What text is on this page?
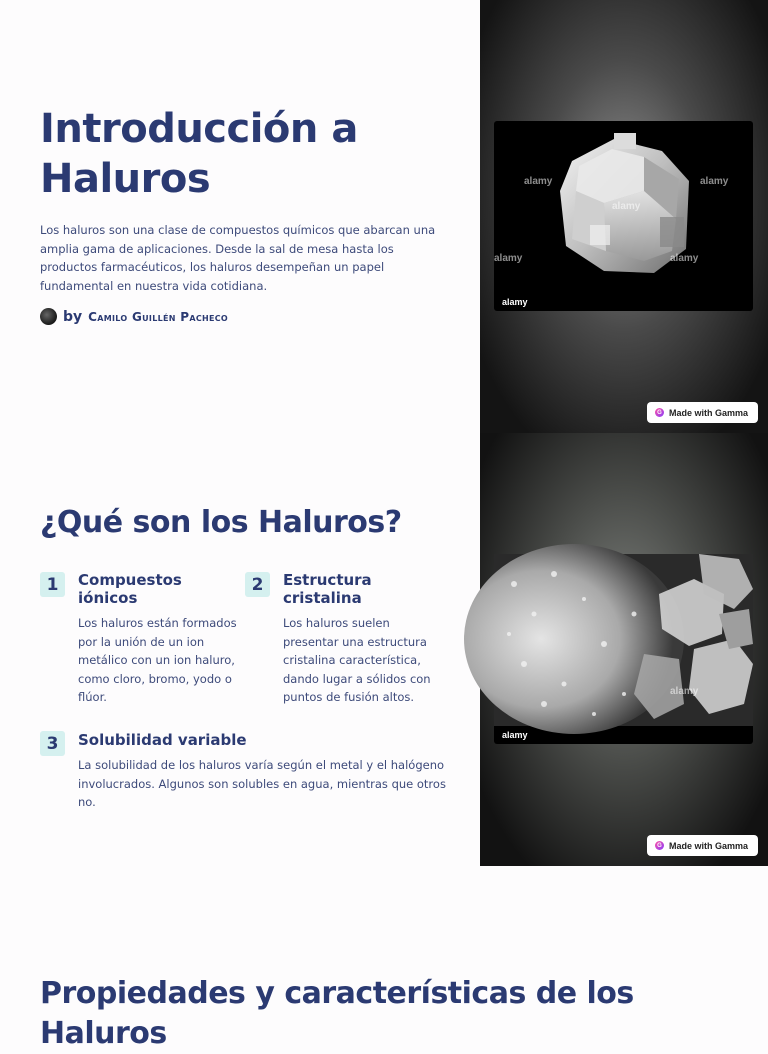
Introducción a Haluros

Los haluros son una clase de compuestos químicos que abarcan una amplia gama de aplicaciones. Desde la sal de mesa hasta los productos farmacéuticos, los haluros desempeñan un papel fundamental en nuestra vida cotidiana.

by Camilo Guillén Pacheco
alamy
alamy
alamy
alamy	alamy
alamy
G Made with Gamma
¿Qué son los Haluros?
1	Compuestos iónicos

Los haluros están formados por la unión de un ion metálico con un ion haluro, como cloro, bromo, yodo o flúor.

2	Estructura cristalina

Los haluros suelen presentar una estructura cristalina característica, dando lugar a sólidos con puntos de fusión altos.

3	Solubilidad variable

La solubilidad de los haluros varía según el metal y el halógeno involucrados. Algunos son solubles en agua, mientras que otros no.

alamy
alamy
G Made with Gamma
Propiedades y características de los Haluros
